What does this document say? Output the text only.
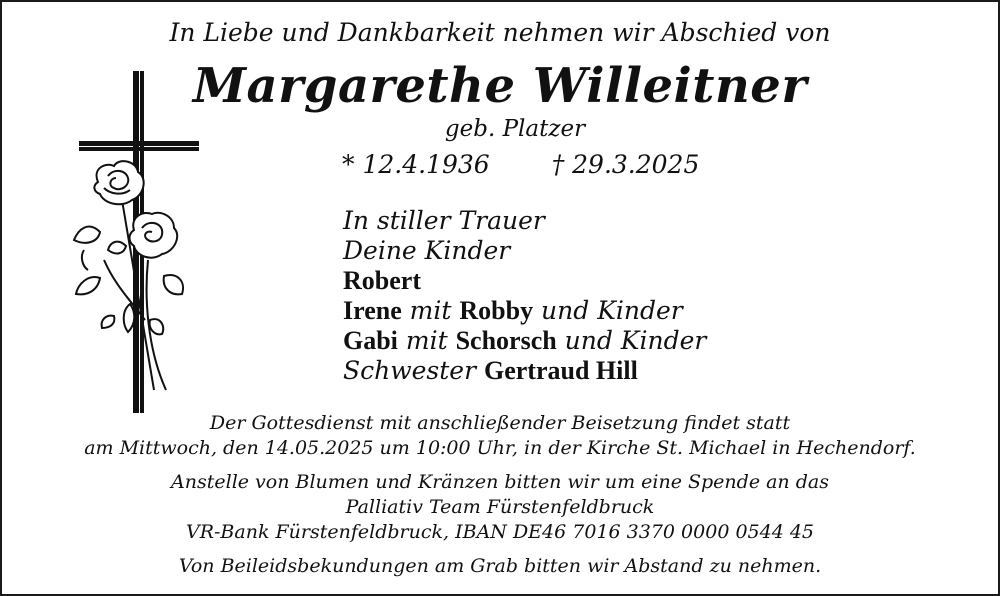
In Liebe und Dankbarkeit nehmen wir Abschied von
Margarethe Willeitner
geb. Platzer
* 12.4.1936 † 29.3.2025
In stiller Trauer
Deine Kinder
Robert
Irene mit Robby und Kinder
Gabi mit Schorsch und Kinder
Schwester Gertraud Hill
Der Gottesdienst mit anschließender Beisetzung findet statt
am Mittwoch, den 14.05.2025 um 10:00 Uhr, in der Kirche St. Michael in Hechendorf.
Anstelle von Blumen und Kränzen bitten wir um eine Spende an das
Palliativ Team Fürstenfeldbruck
VR-Bank Fürstenfeldbruck, IBAN DE46 7016 3370 0000 0544 45
Von Beileidsbekundungen am Grab bitten wir Abstand zu nehmen.
